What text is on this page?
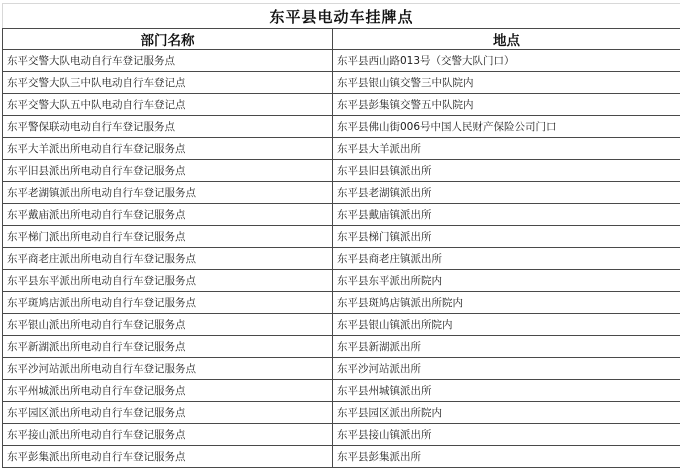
东平县电动车挂牌点	
部门名称	地点
东平交警大队电动自行车登记服务点	东平县西山路013号（交警大队门口）
东平交警大队三中队电动自行车登记点	东平县银山镇交警三中队院内
东平交警大队五中队电动自行车登记点	东平县彭集镇交警五中队院内
东平警保联动电动自行车登记服务点	东平县佛山街006号中国人民财产保险公司门口
东平大羊派出所电动自行车登记服务点	东平县大羊派出所
东平旧县派出所电动自行车登记服务点	东平县旧县镇派出所
东平老湖镇派出所电动自行车登记服务点	东平县老湖镇派出所
东平戴庙派出所电动自行车登记服务点	东平县戴庙镇派出所
东平梯门派出所电动自行车登记服务点	东平县梯门镇派出所
东平商老庄派出所电动自行车登记服务点	东平县商老庄镇派出所
东平县东平派出所电动自行车登记服务点	东平县东平派出所院内
东平斑鸠店派出所电动自行车登记服务点	东平县斑鸠店镇派出所院内
东平银山派出所电动自行车登记服务点	东平县银山镇派出所院内
东平新湖派出所电动自行车登记服务点	东平县新湖派出所
东平沙河站派出所电动自行车登记服务点	东平沙河站派出所
东平州城派出所电动自行车登记服务点	东平县州城镇派出所
东平园区派出所电动自行车登记服务点	东平县园区派出所院内
东平接山派出所电动自行车登记服务点	东平县接山镇派出所
东平彭集派出所电动自行车登记服务点	东平县彭集派出所
